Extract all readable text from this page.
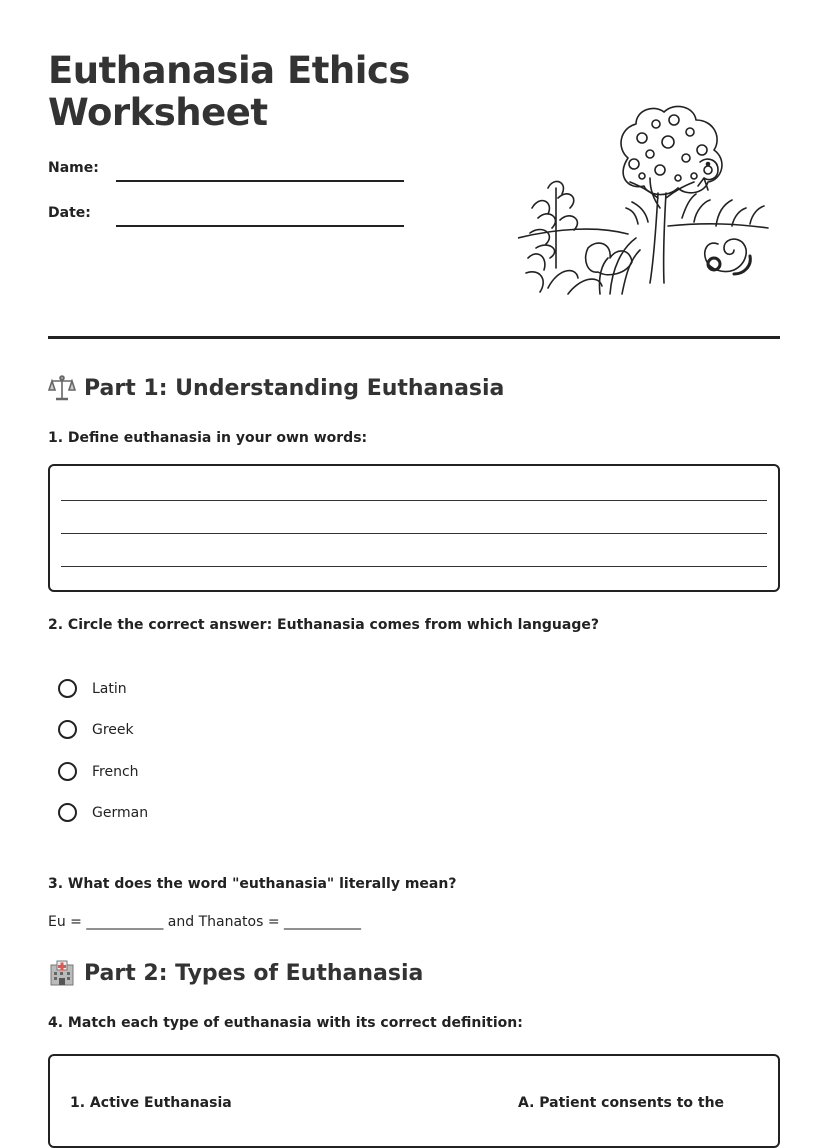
Euthanasia Ethics
Worksheet
Name:
Date:
Part 1: Understanding Euthanasia
1. Define euthanasia in your own words:
2. Circle the correct answer: Euthanasia comes from which language?
Latin
Greek
French
German
3. What does the word "euthanasia" literally mean?
Eu = ___________ and Thanatos = ___________
Part 2: Types of Euthanasia
4. Match each type of euthanasia with its correct definition:
1. Active Euthanasia	A. Patient consents to the
